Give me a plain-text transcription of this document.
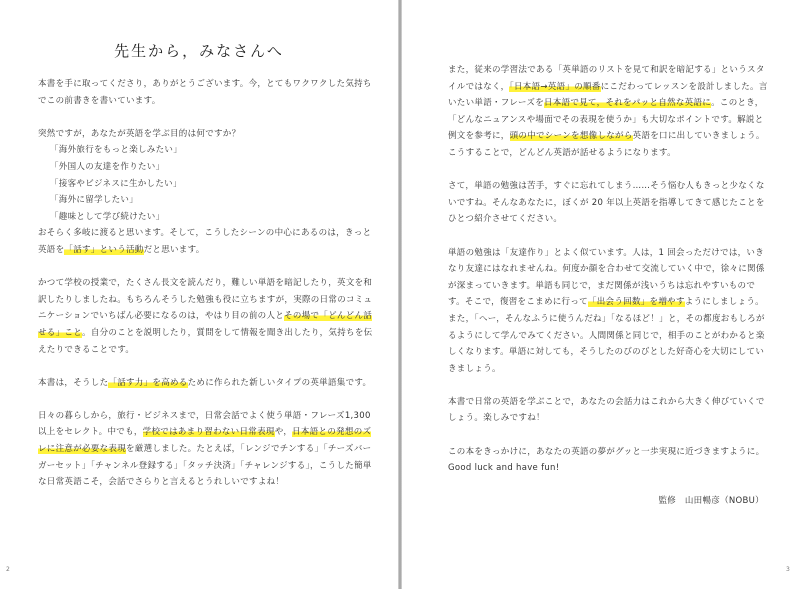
先生から，みなさんへ
本書を手に取ってくださり，ありがとうございます。今，とてもワクワクした気持ちでこの前書きを書いています。
突然ですが，あなたが英語を学ぶ目的は何ですか？
「海外旅行をもっと楽しみたい」
「外国人の友達を作りたい」
「接客やビジネスに生かしたい」
「海外に留学したい」
「趣味として学び続けたい」
おそらく多岐に渡ると思います。そして，こうしたシーンの中心にあるのは，きっと英語を「話す」という活動だと思います。
かつて学校の授業で，たくさん長文を読んだり，難しい単語を暗記したり，英文を和訳したりしましたね。もちろんそうした勉強も役に立ちますが，実際の日常のコミュニケーションでいちばん必要になるのは，やはり目の前の人とその場で「どんどん話せる」こと。自分のことを説明したり，質問をして情報を聞き出したり，気持ちを伝えたりできることです。
本書は，そうした「話す力」を高めるために作られた新しいタイプの英単語集です。
日々の暮らしから，旅行・ビジネスまで，日常会話でよく使う単語・フレーズ1,300 以上をセレクト。中でも，学校ではあまり習わない日常表現や，日本語との発想のズレに注意が必要な表現を厳選しました。たとえば，「レンジでチンする」「チーズバーガーセット」「チャンネル登録する」「タッチ決済」「チャレンジする」，こうした簡単な日常英語こそ，会話でさらりと言えるとうれしいですよね！
2
また，従来の学習法である「英単語のリストを見て和訳を暗記する」というスタイルではなく，「日本語→英語」の順番にこだわってレッスンを設計しました。言いたい単語・フレーズを日本語で見て，それをパッと自然な英語に。このとき，「どんなニュアンスや場面でその表現を使うか」も大切なポイントです。解説と例文を参考に，頭の中でシーンを想像しながら英語を口に出していきましょう。こうすることで，どんどん英語が話せるようになります。
さて，単語の勉強は苦手，すぐに忘れてしまう……そう悩む人もきっと少なくないですね。そんなあなたに，ぼくが 20 年以上英語を指導してきて感じたことをひとつ紹介させてください。
単語の勉強は「友達作り」とよく似ています。人は，1 回会っただけでは，いきなり友達にはなれませんね。何度か顔を合わせて交流していく中で，徐々に関係が深まっていきます。単語も同じで，まだ関係が浅いうちは忘れやすいものです。そこで，復習をこまめに行って「出会う回数」を増やすようにしましょう。また，「へー，そんなふうに使うんだね」「なるほど！」と，その都度おもしろがるようにして学んでみてください。人間関係と同じで，相手のことがわかると楽しくなります。単語に対しても，そうしたのびのびとした好奇心を大切にしていきましょう。
本書で日常の英語を学ぶことで，あなたの会話力はこれから大きく伸びていくでしょう。楽しみですね！
この本をきっかけに，あなたの英語の夢がグッと一歩実現に近づきますように。
Good luck and have fun!
監修　山田暢彦（NOBU）
3
